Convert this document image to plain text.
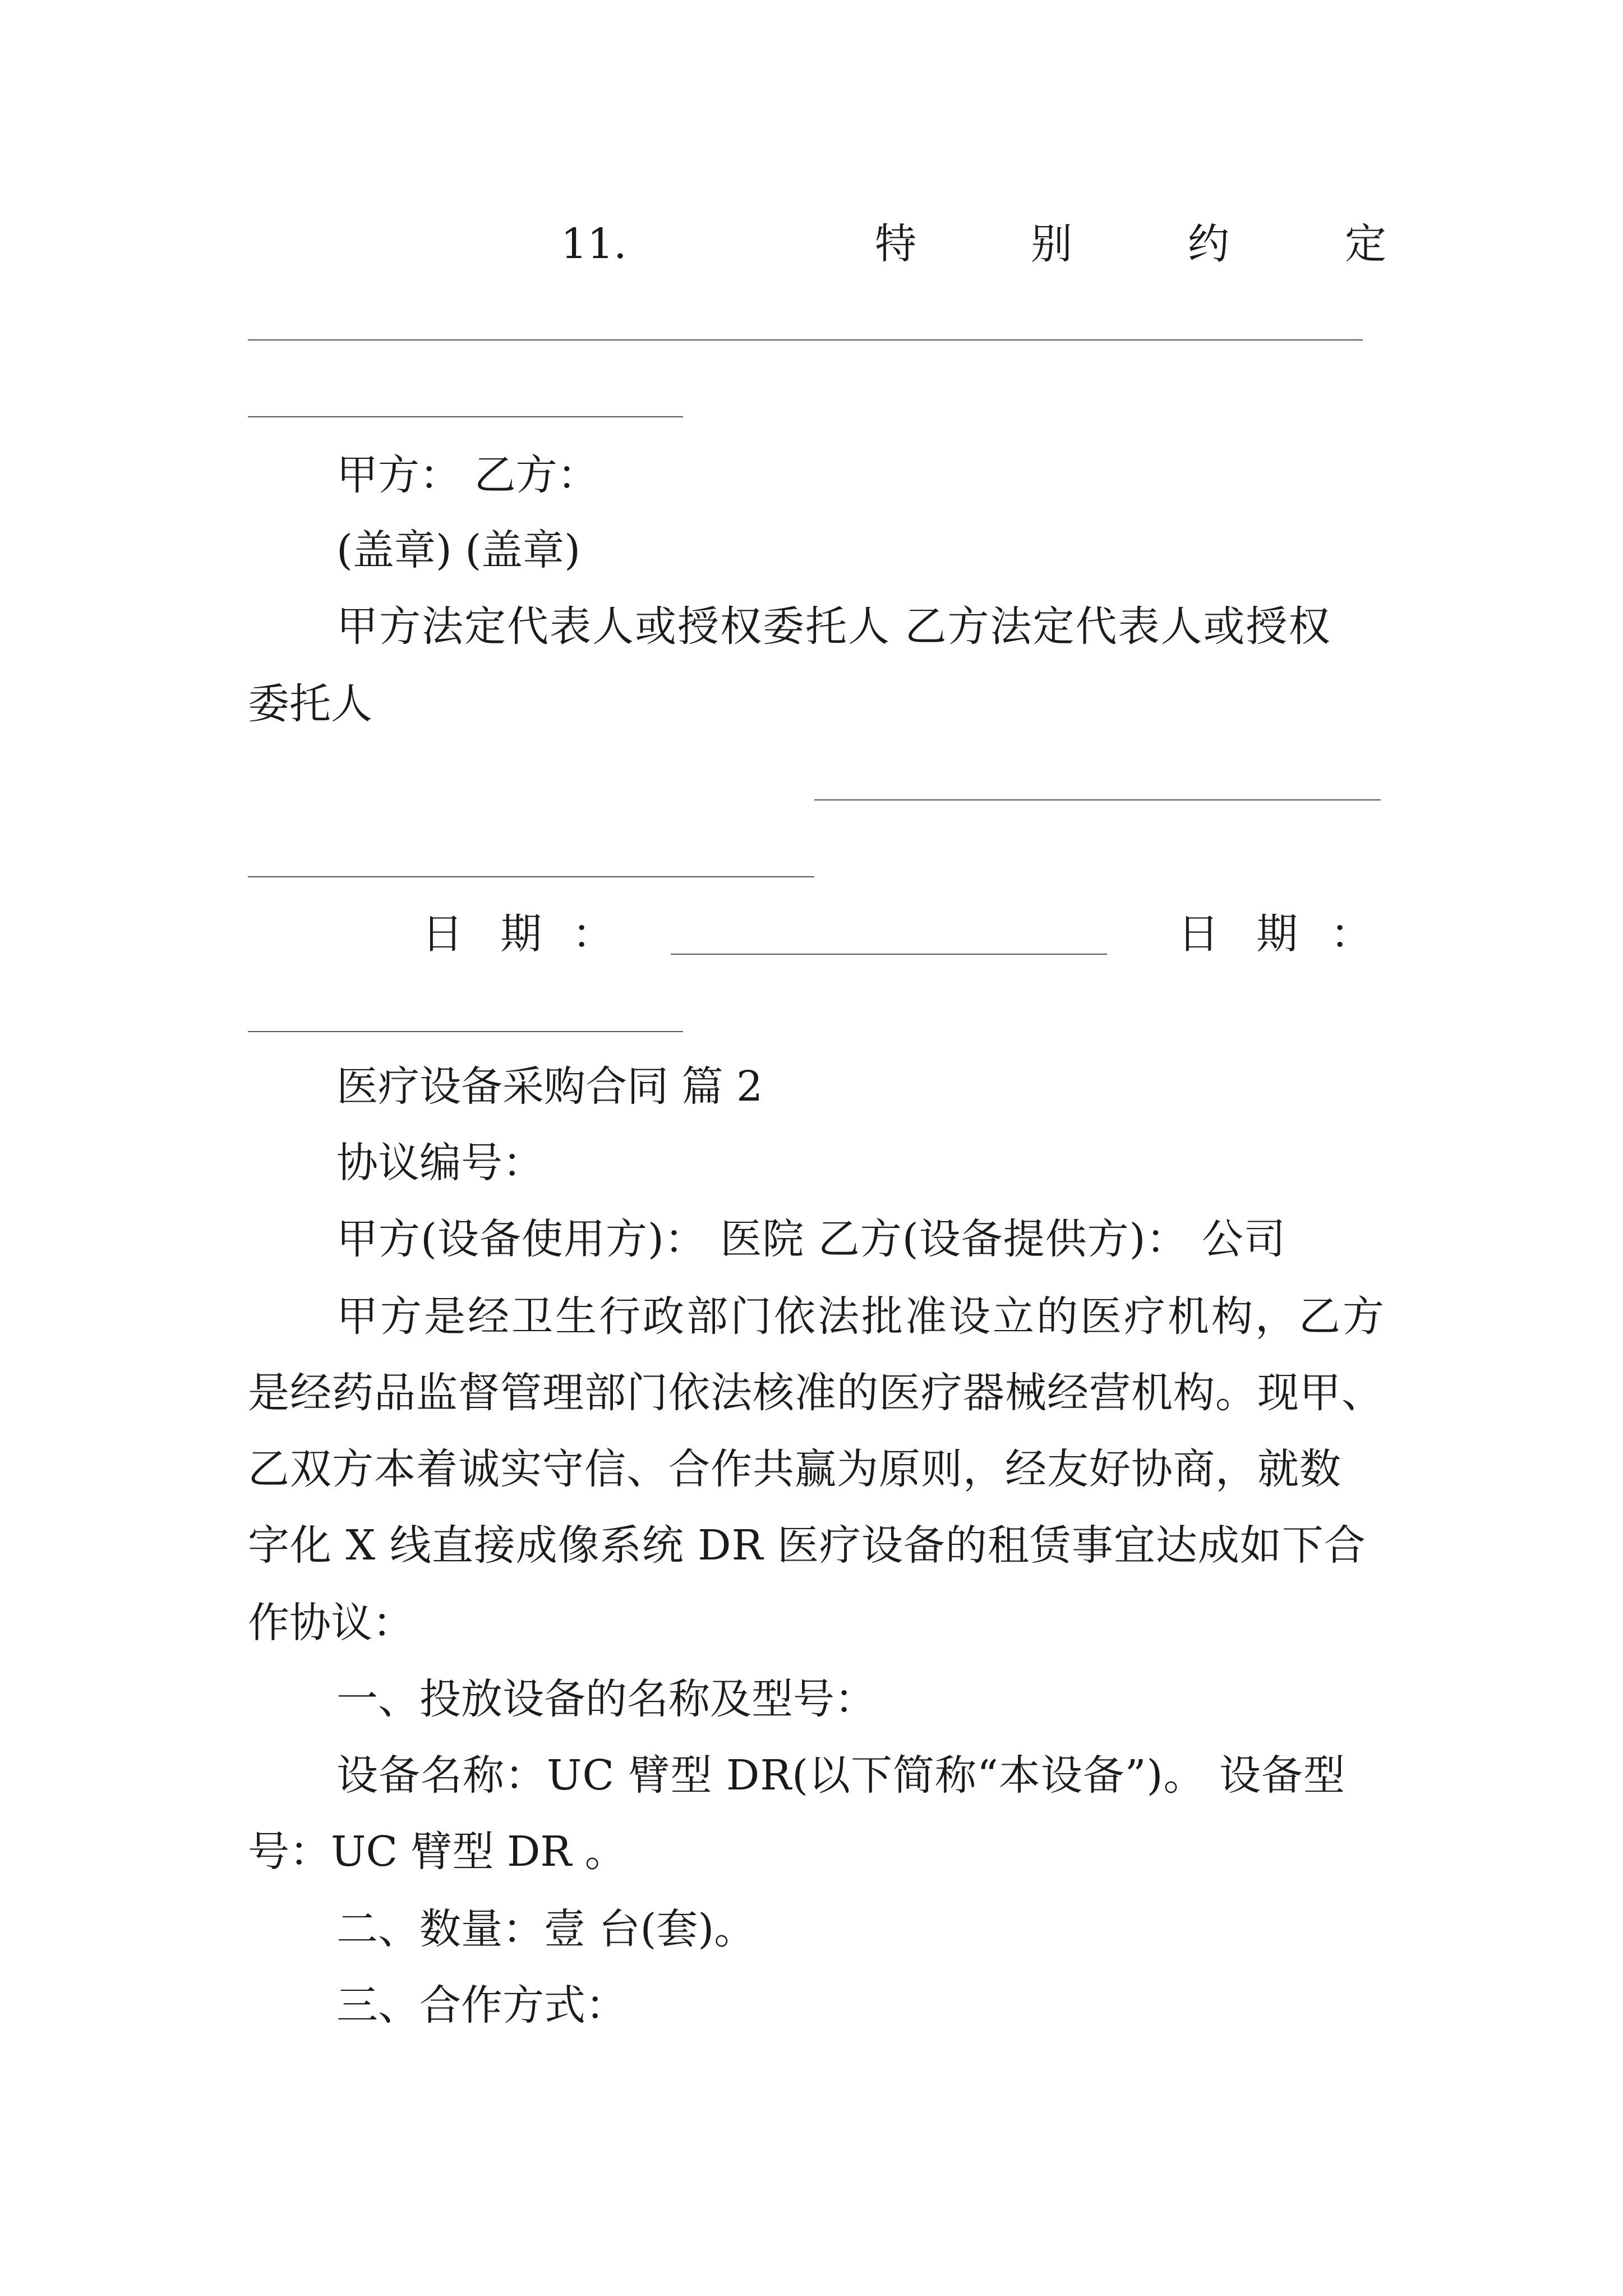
11.	特	别	约	定
甲方： 乙方：
(盖章) (盖章)
甲方法定代表人或授权委托人 乙方法定代表人或授权
委托人
日 期 ：	日 期 ：
医疗设备采购合同 篇 2
协议编号：
甲方(设备使用方)： 医院 乙方(设备提供方)： 公司
甲方是经卫生行政部门依法批准设立的医疗机构，乙方
是经药品监督管理部门依法核准的医疗器械经营机构。现甲、
乙双方本着诚实守信、合作共赢为原则，经友好协商，就数
字化 X 线直接成像系统 DR 医疗设备的租赁事宜达成如下合
作协议：
一、投放设备的名称及型号：
设备名称：UC 臂型 DR(以下简称“本设备”)。 设备型
号：UC 臂型 DR 。
二、数量：壹 台(套)。
三、合作方式：
